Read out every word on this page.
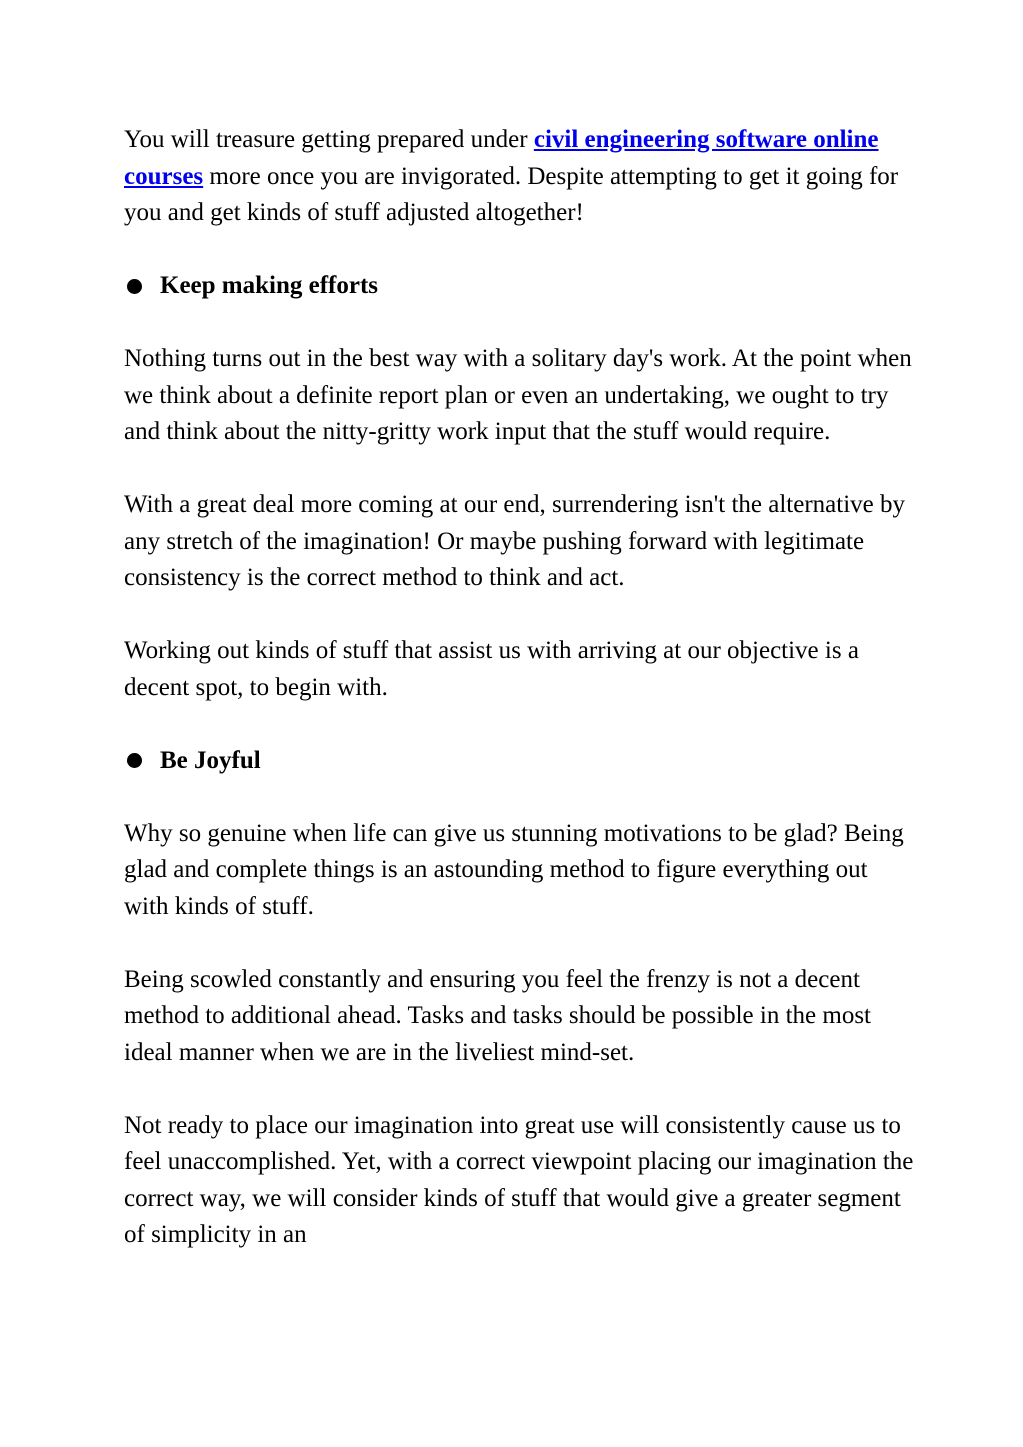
You will treasure getting prepared under civil engineering software online courses more once you are invigorated. Despite attempting to get it going for you and get kinds of stuff adjusted altogether!

Keep making efforts

Nothing turns out in the best way with a solitary day's work. At the point when we think about a definite report plan or even an undertaking, we ought to try and think about the nitty-gritty work input that the stuff would require.

With a great deal more coming at our end, surrendering isn't the alternative by any stretch of the imagination! Or maybe pushing forward with legitimate consistency is the correct method to think and act.

Working out kinds of stuff that assist us with arriving at our objective is a decent spot, to begin with.

Be Joyful

Why so genuine when life can give us stunning motivations to be glad? Being glad and complete things is an astounding method to figure everything out with kinds of stuff.

Being scowled constantly and ensuring you feel the frenzy is not a decent method to additional ahead. Tasks and tasks should be possible in the most ideal manner when we are in the liveliest mind-set.

Not ready to place our imagination into great use will consistently cause us to feel unaccomplished. Yet, with a correct viewpoint placing our imagination the correct way, we will consider kinds of stuff that would give a greater segment of simplicity in an
